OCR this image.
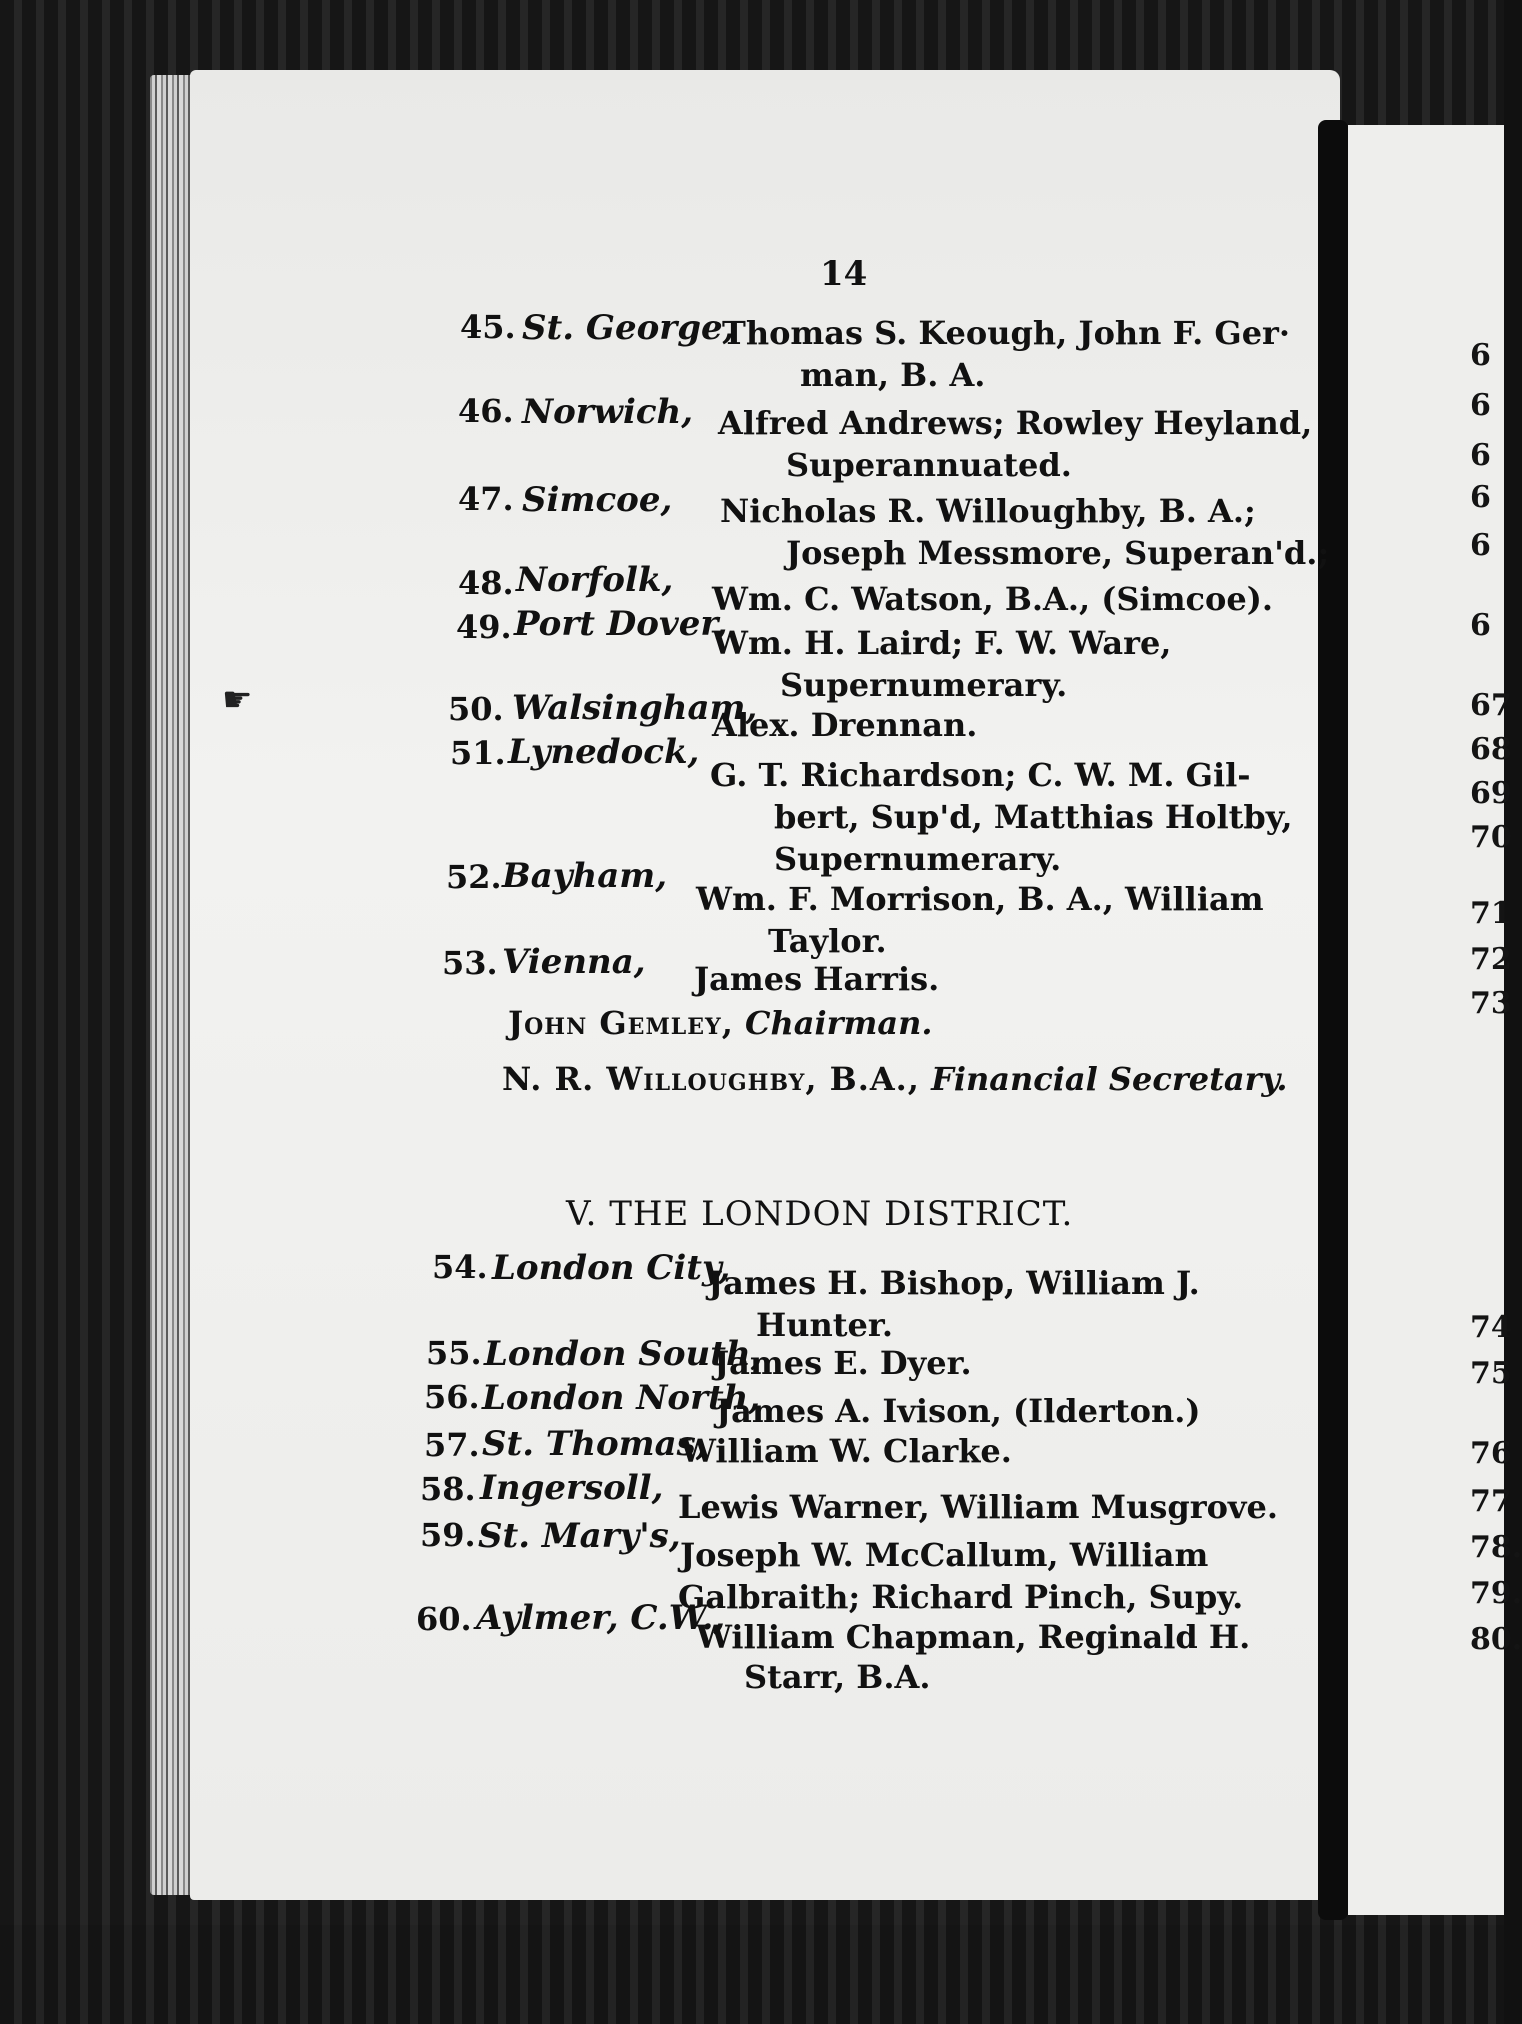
6
6
6
6
6
6
67
68
69
70
71
72
73
74
75
76
77
78.
79.
80.
14
45. St. George,
Thomas S. Keough, John F. Ger·
man, B. A.
46. Norwich, Alfred Andrews; Rowley Heyland,
Superannuated.
47. Simcoe, Nicholas R. Willoughby, B. A.;
Joseph Messmore, Superan'd.;
48. Norfolk, Wm. C. Watson, B.A., (Simcoe).
49. Port Dover,
Wm. H. Laird; F. W. Ware,
Supernumerary.
50. Walsingham,
Alex. Drennan.
51. Lynedock,
G. T. Richardson; C. W. M. Gil-
bert, Sup'd, Matthias Holtby,
Supernumerary.
52. Bayham,
Wm. F. Morrison, B. A., William
Taylor.
53. Vienna, James Harris.
John Gemley, Chairman.
N. R. Willoughby, B.A., Financial Secretary.
V. THE LONDON DISTRICT.
54. London City,
James H. Bishop, William J.
Hunter.
55. London South,
James E. Dyer.
56. London North,
James A. Ivison, (Ilderton.)
57. St. Thomas,
William W. Clarke.
58. Ingersoll, Lewis Warner, William Musgrove.
59. St. Mary's, Joseph W. McCallum, William
Galbraith; Richard Pinch, Supy.
60. Aylmer, C.W.,
William Chapman, Reginald H.
Starr, B.A.
☛
